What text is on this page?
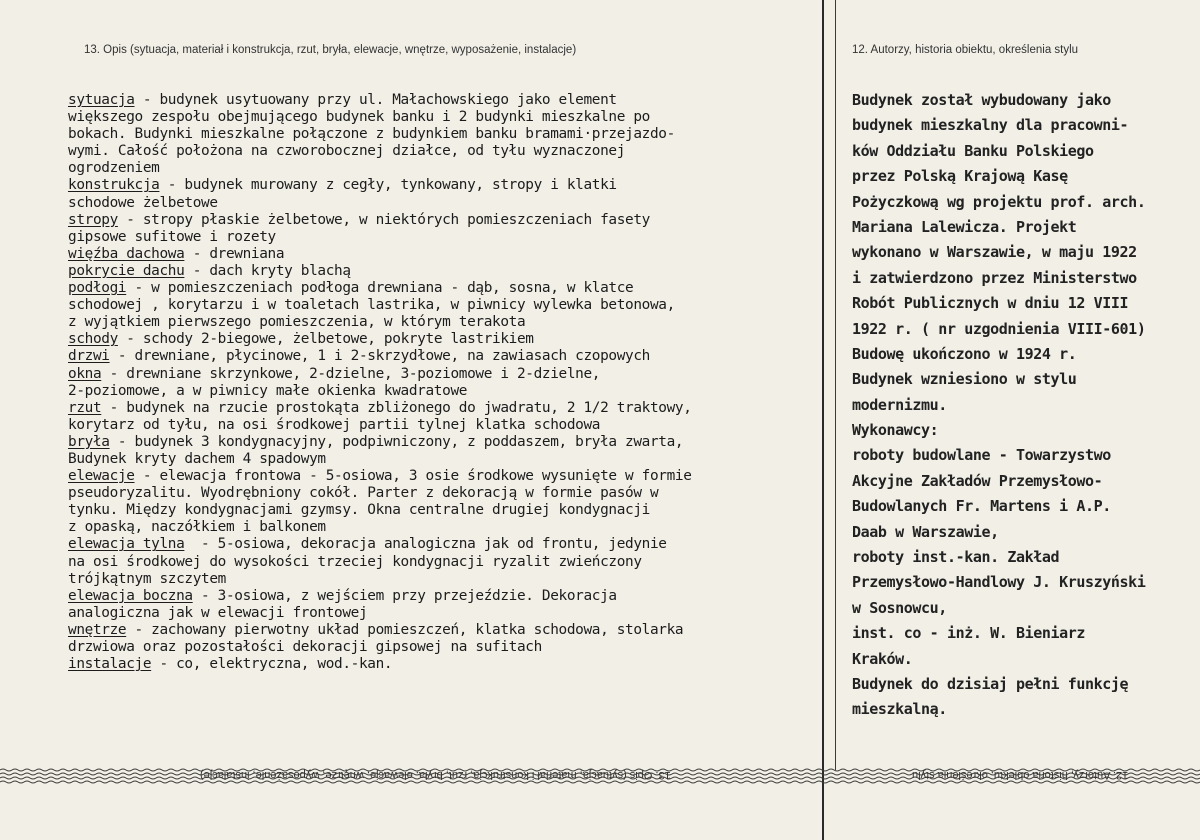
13. Opis (sytuacja, materiał i konstrukcja, rzut, bryła, elewacje, wnętrze, wyposażenie, instalacje)	12. Autorzy, historia obiektu, określenia stylu
sytuacja - budynek usytuowany przy ul. Małachowskiego jako element
większego zespołu obejmującego budynek banku i 2 budynki mieszkalne po
bokach. Budynki mieszkalne połączone z budynkiem banku bramami·przejazdo-
wymi. Całość położona na czworobocznej działce, od tyłu wyznaczonej
ogrodzeniem
konstrukcja - budynek murowany z cegły, tynkowany, stropy i klatki
schodowe żelbetowe
stropy - stropy płaskie żelbetowe, w niektórych pomieszczeniach fasety
gipsowe sufitowe i rozety
więźba dachowa - drewniana
pokrycie dachu - dach kryty blachą
podłogi - w pomieszczeniach podłoga drewniana - dąb, sosna, w klatce
schodowej , korytarzu i w toaletach lastrika, w piwnicy wylewka betonowa,
z wyjątkiem pierwszego pomieszczenia, w którym terakota
schody - schody 2-biegowe, żelbetowe, pokryte lastrikiem
drzwi - drewniane, płycinowe, 1 i 2-skrzydłowe, na zawiasach czopowych
okna - drewniane skrzynkowe, 2-dzielne, 3-poziomowe i 2-dzielne,
2-poziomowe, a w piwnicy małe okienka kwadratowe
rzut - budynek na rzucie prostokąta zbliżonego do jwadratu, 2 1/2 traktowy,
korytarz od tyłu, na osi środkowej partii tylnej klatka schodowa
bryła - budynek 3 kondygnacyjny, podpiwniczony, z poddaszem, bryła zwarta,
Budynek kryty dachem 4 spadowym
elewacje - elewacja frontowa - 5-osiowa, 3 osie środkowe wysunięte w formie
pseudoryzalitu. Wyodrębniony cokół. Parter z dekoracją w formie pasów w
tynku. Między kondygnacjami gzymsy. Okna centralne drugiej kondygnacji
z opaską, naczółkiem i balkonem
elewacja tylna  - 5-osiowa, dekoracja analogiczna jak od frontu, jedynie
na osi środkowej do wysokości trzeciej kondygnacji ryzalit zwieńczony
trójkątnym szczytem
elewacja boczna - 3-osiowa, z wejściem przy przejeździe. Dekoracja
analogiczna jak w elewacji frontowej
wnętrze - zachowany pierwotny układ pomieszczeń, klatka schodowa, stolarka
drzwiowa oraz pozostałości dekoracji gipsowej na sufitach
instalacje - co, elektryczna, wod.-kan.
Budynek został wybudowany jako
budynek mieszkalny dla pracowni-
ków Oddziału Banku Polskiego
przez Polską Krajową Kasę
Pożyczkową wg projektu prof. arch.
Mariana Lalewicza. Projekt
wykonano w Warszawie, w maju 1922
i zatwierdzono przez Ministerstwo
Robót Publicznych w dniu 12 VIII
1922 r. ( nr uzgodnienia VIII-601)
Budowę ukończono w 1924 r.
Budynek wzniesiono w stylu
modernizmu.
Wykonawcy:
roboty budowlane - Towarzystwo
Akcyjne Zakładów Przemysłowo-
Budowlanych Fr. Martens i A.P.
Daab w Warszawie,
roboty inst.-kan. Zakład
Przemysłowo-Handlowy J. Kruszyński
w Sosnowcu,
inst. co - inż. W. Bieniarz
Kraków.
Budynek do dzisiaj pełni funkcję
mieszkalną.
13. Opis (sytuacja, materiał i konstrukcja, rzut, bryła, elewacje, wnętrze, wyposażenie, instalacje)	12. Autorzy, historia obiektu, określenia stylu
